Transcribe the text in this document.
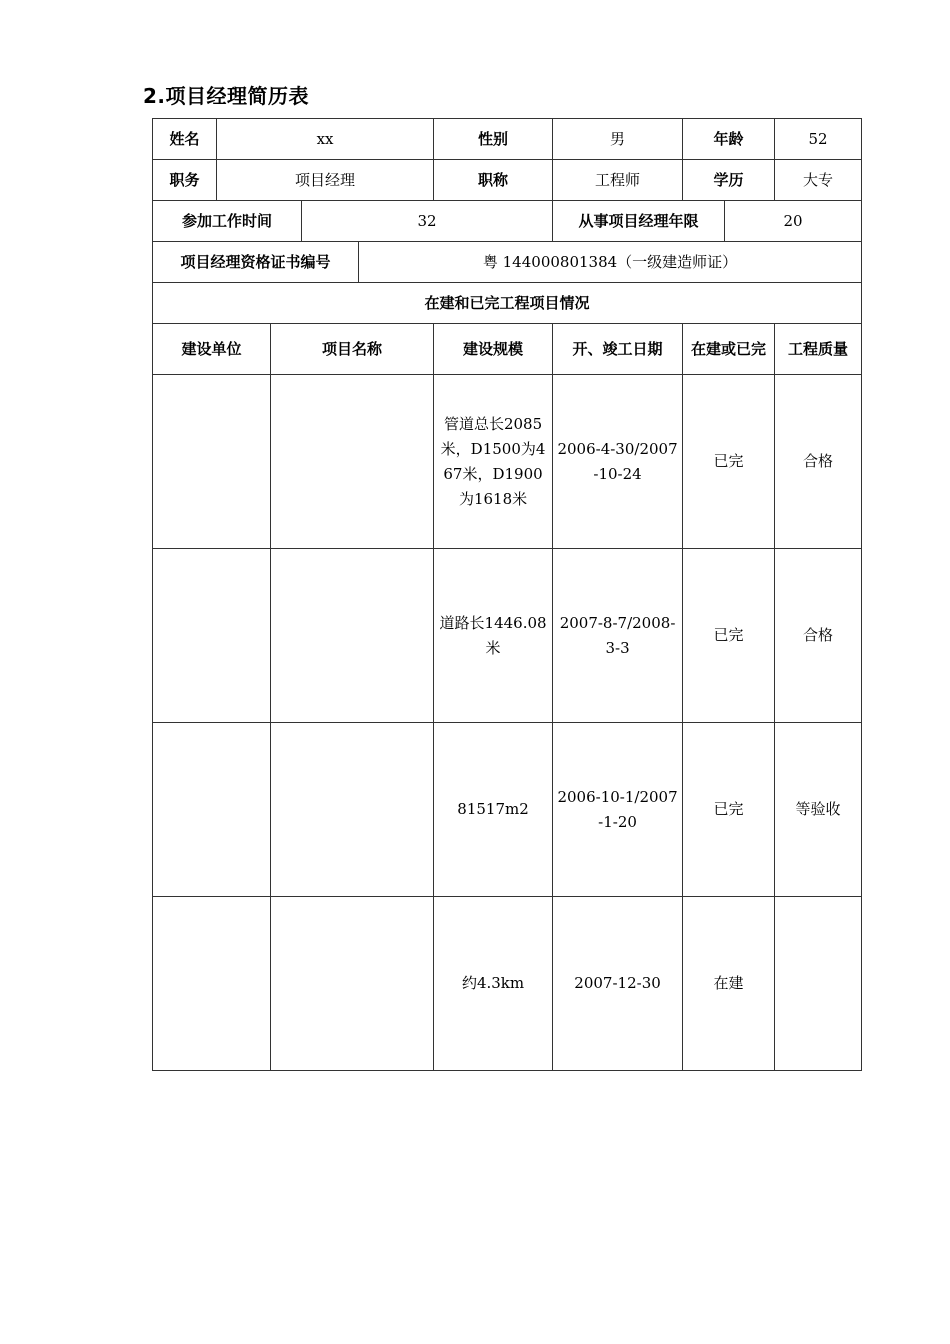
2.项目经理简历表
姓名	xx				性别	男	年龄		52
职务	项目经理				职称	工程师	学历		大专
参加工作时间			32			从事项目经理年限		20	
项目经理资格证书编号				粤 144000801384（一级建造师证）					
在建和已完工程项目情况									
建设单位		项目名称			建设规模	开、竣工日期	在建或已完		工程质量
					管道总长2085米，D1500为467米，D1900为1618米	2006-4-30/2007-10-24	已完		合格
					道路长1446.08米	2007-8-7/2008-3-3	已完		合格
					81517m2	2006-10-1/2007-1-20	已完		等验收
					约4.3km	2007-12-30	在建		
